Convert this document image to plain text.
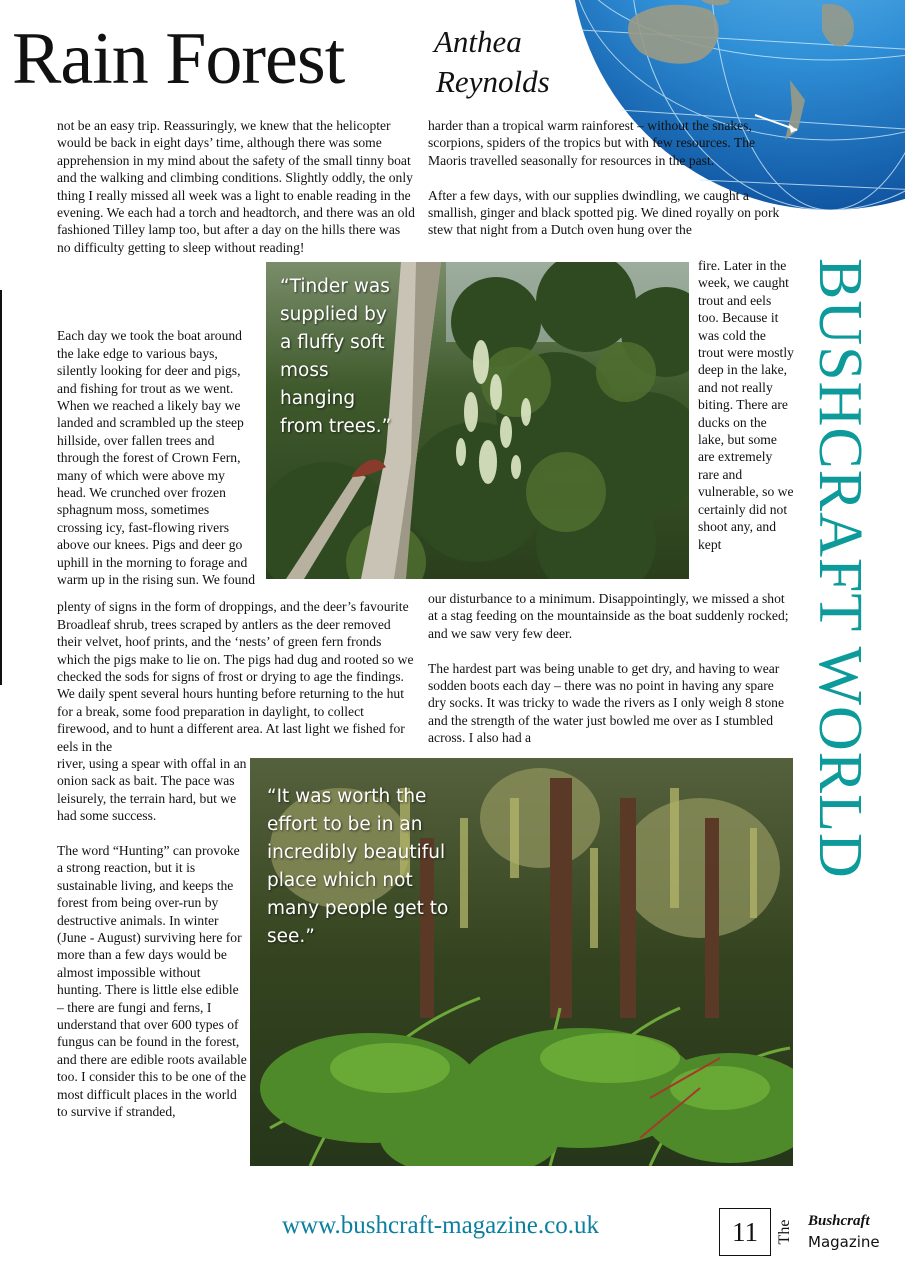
Rain Forest	Anthea
Reynolds
BUSHCRAFT WORLD

not be an easy trip. Reassuringly, we knew that the helicopter would be back in eight days’ time, although there was some apprehension in my mind about the safety of the small tinny boat and the walking and climbing conditions. Slightly oddly, the only thing I really missed all week was a light to enable reading in the evening. We each had a torch and headtorch, and there was an old fashioned Tilley lamp too, but after a day on the hills there was no difficulty getting to sleep without reading!

Each day we took the boat around the lake edge to various bays, silently looking for deer and pigs, and fishing for trout as we went. When we reached a likely bay we landed and scrambled up the steep hillside, over fallen trees and through the forest of Crown Fern, many of which were above my head. We crunched over frozen sphagnum moss, sometimes crossing icy, fast-flowing rivers above our knees. Pigs and deer go uphill in the morning to forage and warm up in the rising sun. We found

plenty of signs in the form of droppings, and the deer’s favourite Broadleaf shrub, trees scraped by antlers as the deer removed their velvet, hoof prints, and the ‘nests’ of green fern fronds which the pigs make to lie on. The pigs had dug and rooted so we checked the sods for signs of frost or drying to age the findings. We daily spent several hours hunting before returning to the hut for a break, some food preparation in daylight, to collect firewood, and to hunt a different area. At last light we fished for eels in the

river, using a spear with offal in an onion sack as bait. The pace was leisurely, the terrain hard, but we had some success.

The word “Hunting” can provoke a strong reaction, but it is sustainable living, and keeps the forest from being over-run by destructive animals. In winter (June - August) surviving here for more than a few days would be almost impossible without hunting. There is little else edible – there are fungi and ferns, I understand that over 600 types of fungus can be found in the forest, and there are edible roots available too. I consider this to be one of the most difficult places in the world to survive if stranded,

harder than a tropical warm rainforest – without the snakes, scorpions, spiders of the tropics but with few resources. The Maoris travelled seasonally for resources in the past.

After a few days, with our supplies dwindling, we caught a smallish, ginger and black spotted pig. We dined royally on pork stew that night from a Dutch oven hung over the

fire. Later in the week, we caught trout and eels too. Because it was cold the trout were mostly deep in the lake, and not really biting. There are ducks on the lake, but some are extremely rare and vulnerable, so we certainly did not shoot any, and kept

our disturbance to a minimum. Disappointingly, we missed a shot at a stag feeding on the mountainside as the boat suddenly rocked; and we saw very few deer.

The hardest part was being unable to get dry, and having to wear sodden boots each day – there was no point in having any spare dry socks. It was tricky to wade the rivers as I only weigh 8 stone and the strength of the water just bowled me over as I stumbled across. I also had a

“Tinder was supplied by a fluffy soft moss hanging from trees.”
“It was worth the effort to be in an incredibly beautiful place which not many people get to see.”
www.bushcraft-magazine.co.uk	11	The Bushcraft
Magazine
